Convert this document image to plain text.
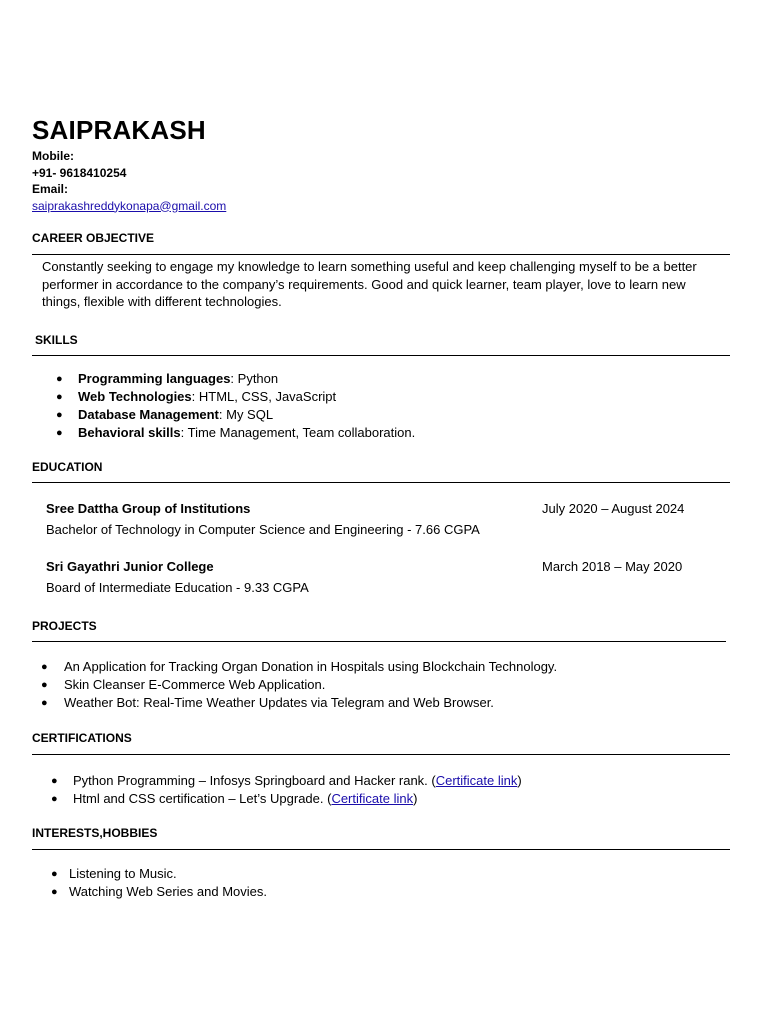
SAIPRAKASH
Mobile:
+91- 9618410254
Email:
saiprakashreddykonapa@gmail.com
CAREER OBJECTIVE
Constantly seeking to engage my knowledge to learn something useful and keep challenging myself to be a better performer in accordance to the company’s requirements. Good and quick learner, team player, love to learn new things, flexible with different technologies.
SKILLS
● Programming languages: Python
● Web Technologies: HTML, CSS, JavaScript
● Database Management: My SQL
● Behavioral skills: Time Management, Team collaboration.
EDUCATION
Sree Dattha Group of Institutions	July 2020 – August 2024
Bachelor of Technology in Computer Science and Engineering - 7.66 CGPA
Sri Gayathri Junior College	March 2018 – May 2020
Board of Intermediate Education - 9.33 CGPA
PROJECTS
● An Application for Tracking Organ Donation in Hospitals using Blockchain Technology.
● Skin Cleanser E-Commerce Web Application.
● Weather Bot: Real-Time Weather Updates via Telegram and Web Browser.
CERTIFICATIONS
● Python Programming – Infosys Springboard and Hacker rank. (Certificate link)
● Html and CSS certification – Let’s Upgrade. (Certificate link)
INTERESTS,HOBBIES
● Listening to Music.
● Watching Web Series and Movies.
